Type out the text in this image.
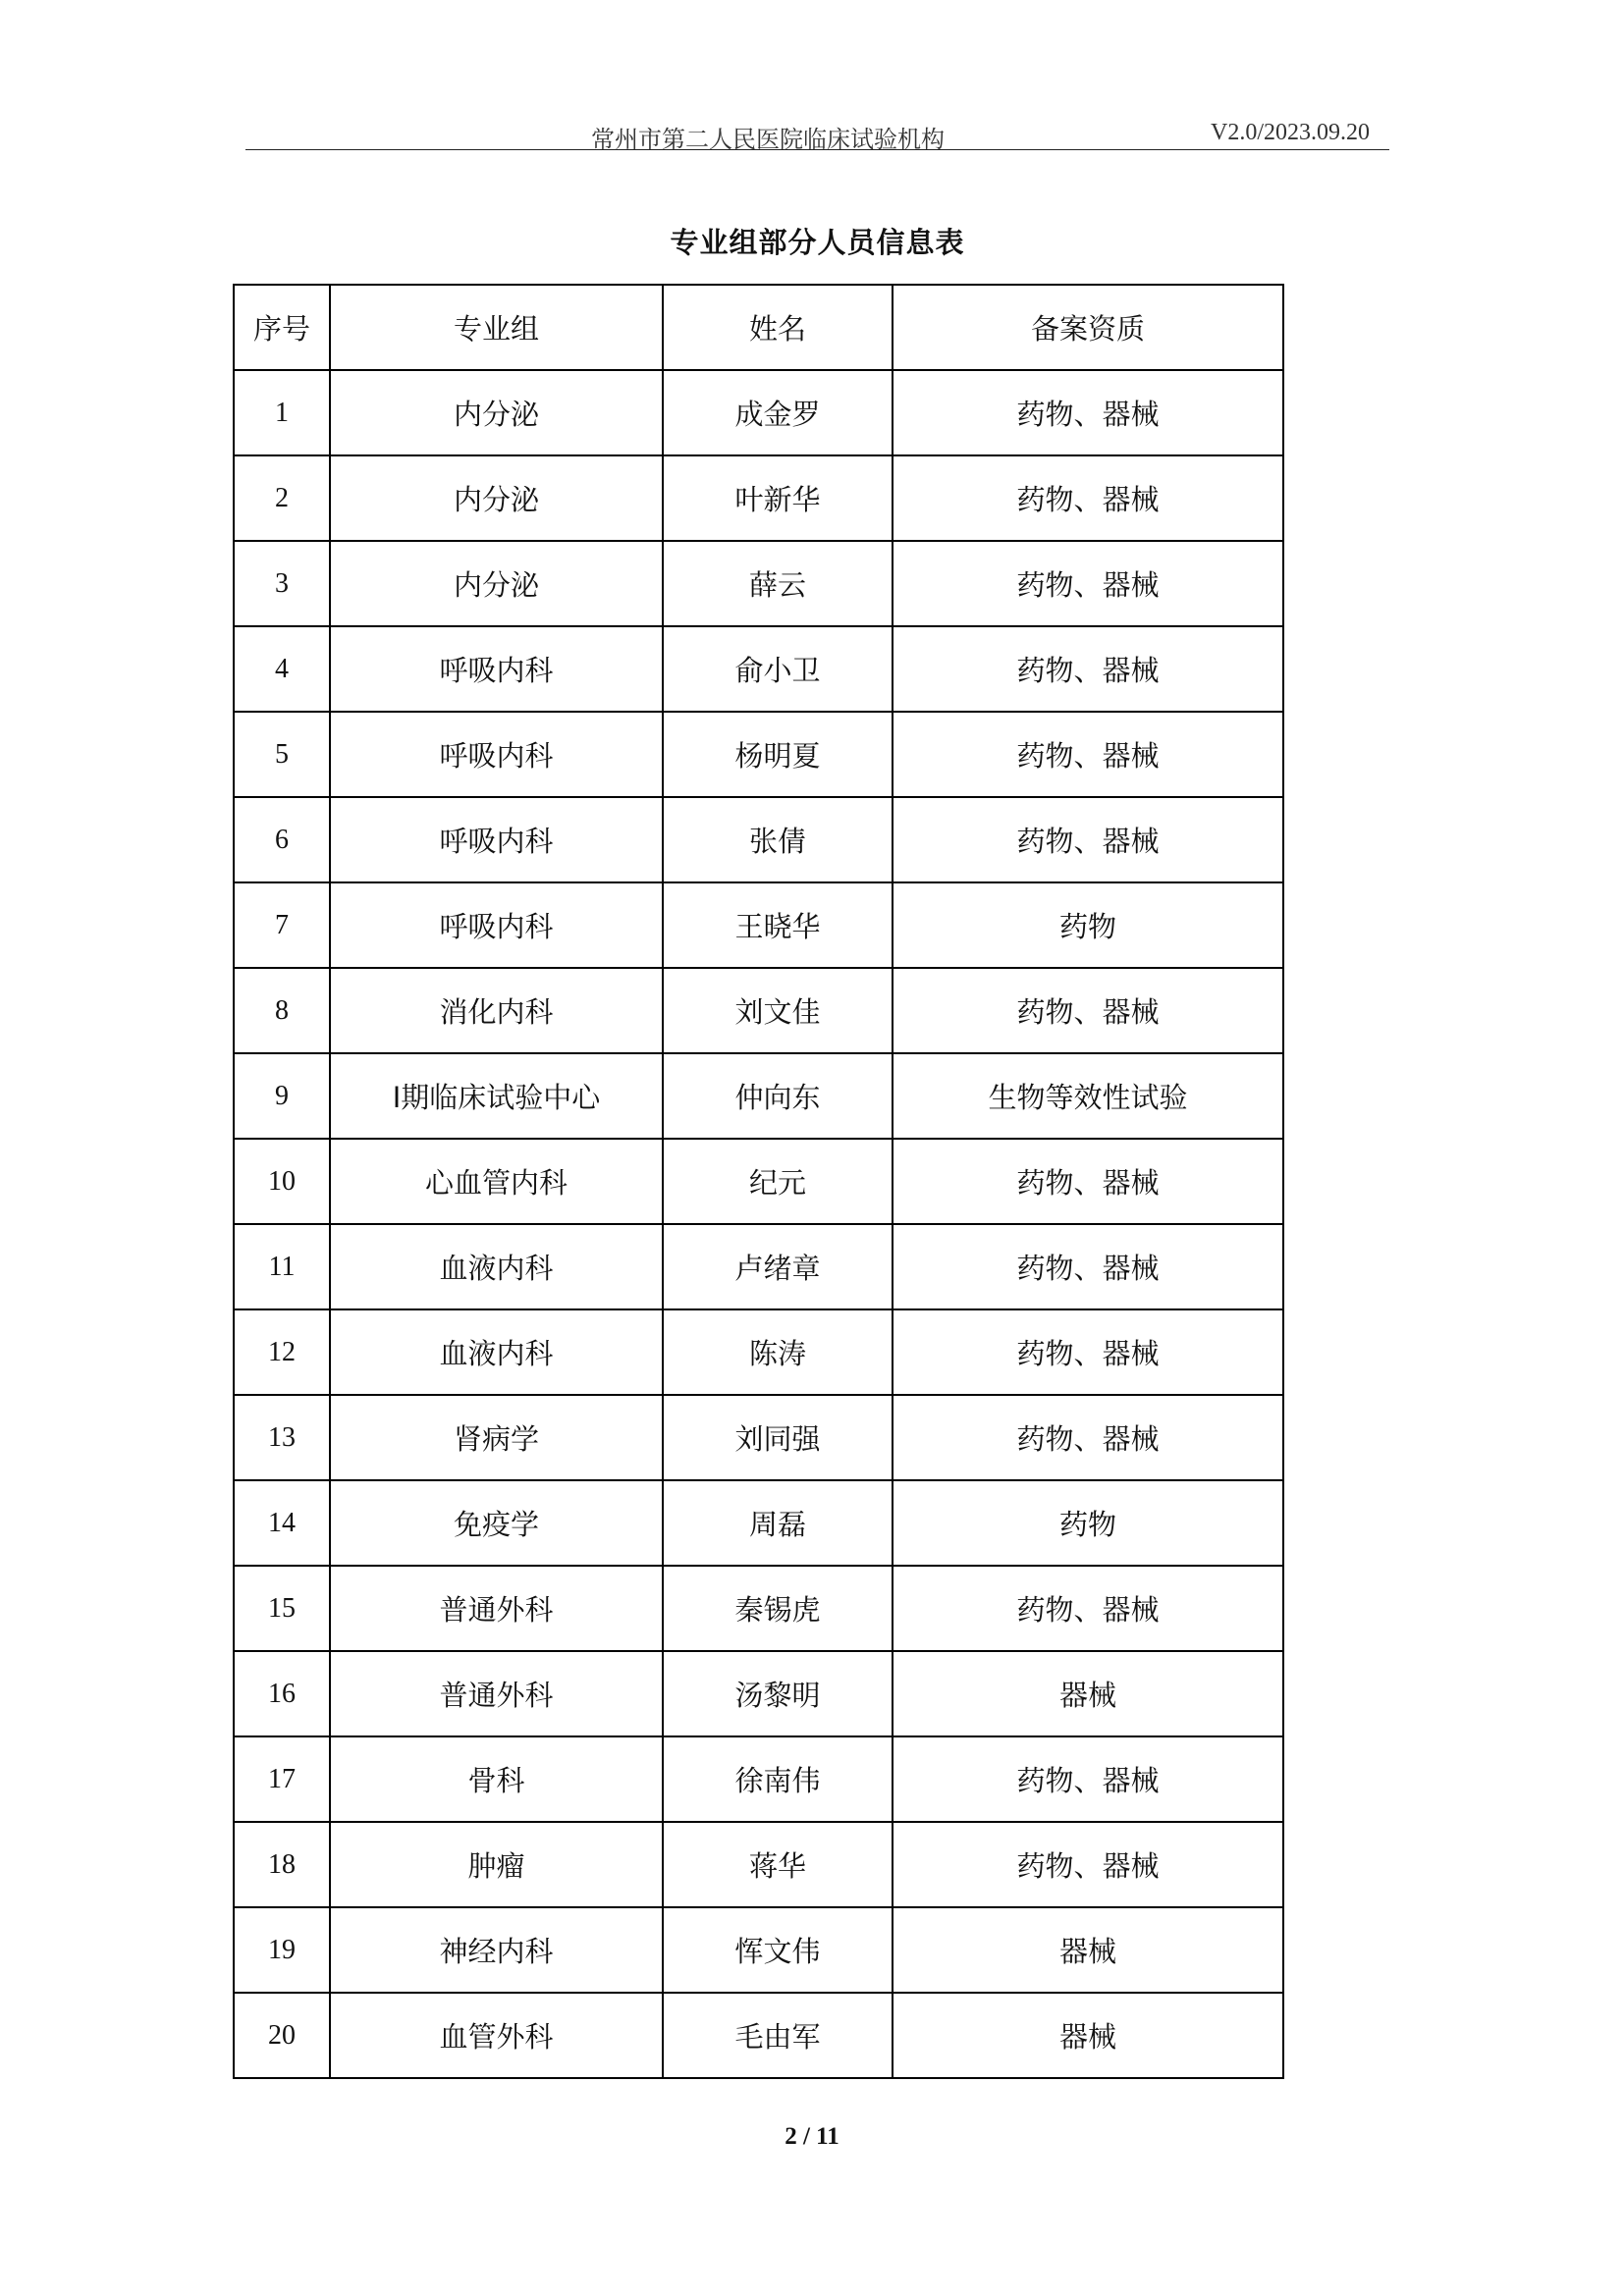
常州市第二人民医院临床试验机构	V2.0/2023.09.20
专业组部分人员信息表
序号	专业组	姓名	备案资质
1	内分泌	成金罗	药物、器械
2	内分泌	叶新华	药物、器械
3	内分泌	薛云	药物、器械
4	呼吸内科	俞小卫	药物、器械
5	呼吸内科	杨明夏	药物、器械
6	呼吸内科	张倩	药物、器械
7	呼吸内科	王晓华	药物
8	消化内科	刘文佳	药物、器械
9	I期临床试验中心	仲向东	生物等效性试验
10	心血管内科	纪元	药物、器械
11	血液内科	卢绪章	药物、器械
12	血液内科	陈涛	药物、器械
13	肾病学	刘同强	药物、器械
14	免疫学	周磊	药物
15	普通外科	秦锡虎	药物、器械
16	普通外科	汤黎明	器械
17	骨科	徐南伟	药物、器械
18	肿瘤	蒋华	药物、器械
19	神经内科	恽文伟	器械
20	血管外科	毛由军	器械
2 / 11
